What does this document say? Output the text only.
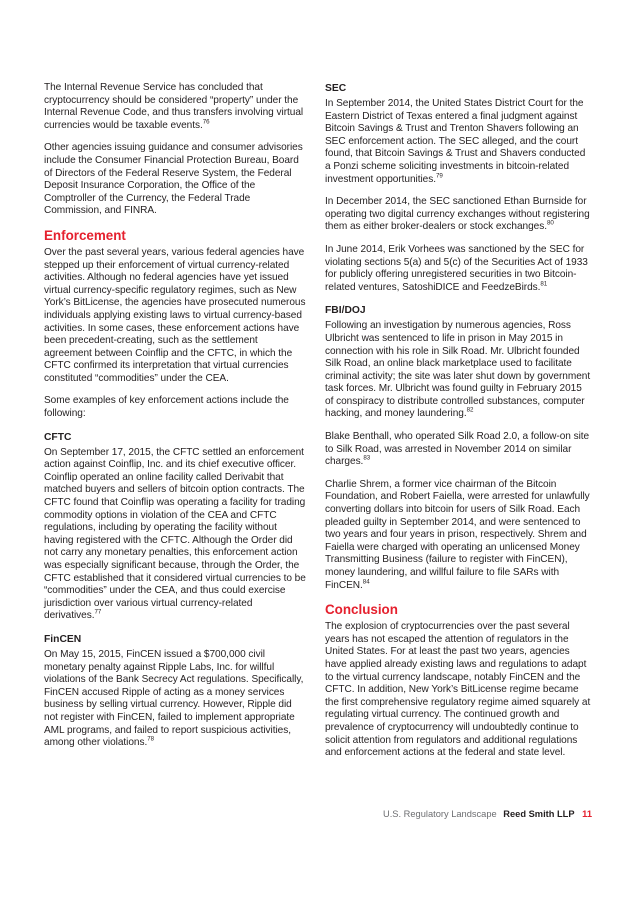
The Internal Revenue Service has concluded that cryptocurrency should be considered “property” under the Internal Revenue Code, and thus transfers involving virtual currencies would be taxable events.$^{76}$

Other agencies issuing guidance and consumer advisories include the Consumer Financial Protection Bureau, Board of Directors of the Federal Reserve System, the Federal Deposit Insurance Corporation, the Office of the Comptroller of the Currency, the Federal Trade Commission, and FINRA.

Enforcement

Over the past several years, various federal agencies have stepped up their enforcement of virtual currency-related activities. Although no federal agencies have yet issued virtual currency-specific regulatory regimes, such as New York’s BitLicense, the agencies have prosecuted numerous individuals applying existing laws to virtual currency-based activities. In some cases, these enforcement actions have been precedent-creating, such as the settlement agreement between Coinflip and the CFTC, in which the CFTC confirmed its interpretation that virtual currencies constituted “commodities” under the CEA.

Some examples of key enforcement actions include the following:

CFTC

On September 17, 2015, the CFTC settled an enforcement action against Coinflip, Inc. and its chief executive officer. Coinflip operated an online facility called Derivabit that matched buyers and sellers of bitcoin option contracts. The CFTC found that Coinflip was operating a facility for trading commodity options in violation of the CEA and CFTC regulations, including by operating the facility without having registered with the CFTC. Although the Order did not carry any monetary penalties, this enforcement action was especially significant because, through the Order, the CFTC established that it considered virtual currencies to be “commodities” under the CEA, and thus could exercise jurisdiction over various virtual currency-related derivatives.$^{77}$

FinCEN

On May 15, 2015, FinCEN issued a $700,000 civil monetary penalty against Ripple Labs, Inc. for willful violations of the Bank Secrecy Act regulations. Specifically, FinCEN accused Ripple of acting as a money services business by selling virtual currency. However, Ripple did not register with FinCEN, failed to implement appropriate AML programs, and failed to report suspicious activities, among other violations.$^{78}$

SEC

In September 2014, the United States District Court for the Eastern District of Texas entered a final judgment against Bitcoin Savings & Trust and Trenton Shavers following an SEC enforcement action. The SEC alleged, and the court found, that Bitcoin Savings & Trust and Shavers conducted a Ponzi scheme soliciting investments in bitcoin-related investment opportunities.$^{79}$

In December 2014, the SEC sanctioned Ethan Burnside for operating two digital currency exchanges without registering them as either broker-dealers or stock exchanges.$^{80}$

In June 2014, Erik Vorhees was sanctioned by the SEC for violating sections 5(a) and 5(c) of the Securities Act of 1933 for publicly offering unregistered securities in two Bitcoin-related ventures, SatoshiDICE and FeedzeBirds.$^{81}$

FBI/DOJ

Following an investigation by numerous agencies, Ross Ulbricht was sentenced to life in prison in May 2015 in connection with his role in Silk Road. Mr. Ulbricht founded Silk Road, an online black marketplace used to facilitate criminal activity; the site was later shut down by government task forces. Mr. Ulbricht was found guilty in February 2015 of conspiracy to distribute controlled substances, computer hacking, and money laundering.$^{82}$

Blake Benthall, who operated Silk Road 2.0, a follow-on site to Silk Road, was arrested in November 2014 on similar charges.$^{83}$

Charlie Shrem, a former vice chairman of the Bitcoin Foundation, and Robert Faiella, were arrested for unlawfully converting dollars into bitcoin for users of Silk Road. Each pleaded guilty in September 2014, and were sentenced to two years and four years in prison, respectively. Shrem and Faiella were charged with operating an unlicensed Money Transmitting Business (failure to register with FinCEN), money laundering, and willful failure to file SARs with FinCEN.$^{84}$

Conclusion

The explosion of cryptocurrencies over the past several years has not escaped the attention of regulators in the United States. For at least the past two years, agencies have applied already existing laws and regulations to adapt to the virtual currency landscape, notably FinCEN and the CFTC. In addition, New York’s BitLicense regime became the first comprehensive regulatory regime aimed squarely at regulating virtual currency. The continued growth and prevalence of cryptocurrency will undoubtedly continue to solicit attention from regulators and additional regulations and enforcement actions at the federal and state level.

U.S. Regulatory Landscape Reed Smith LLP 11
